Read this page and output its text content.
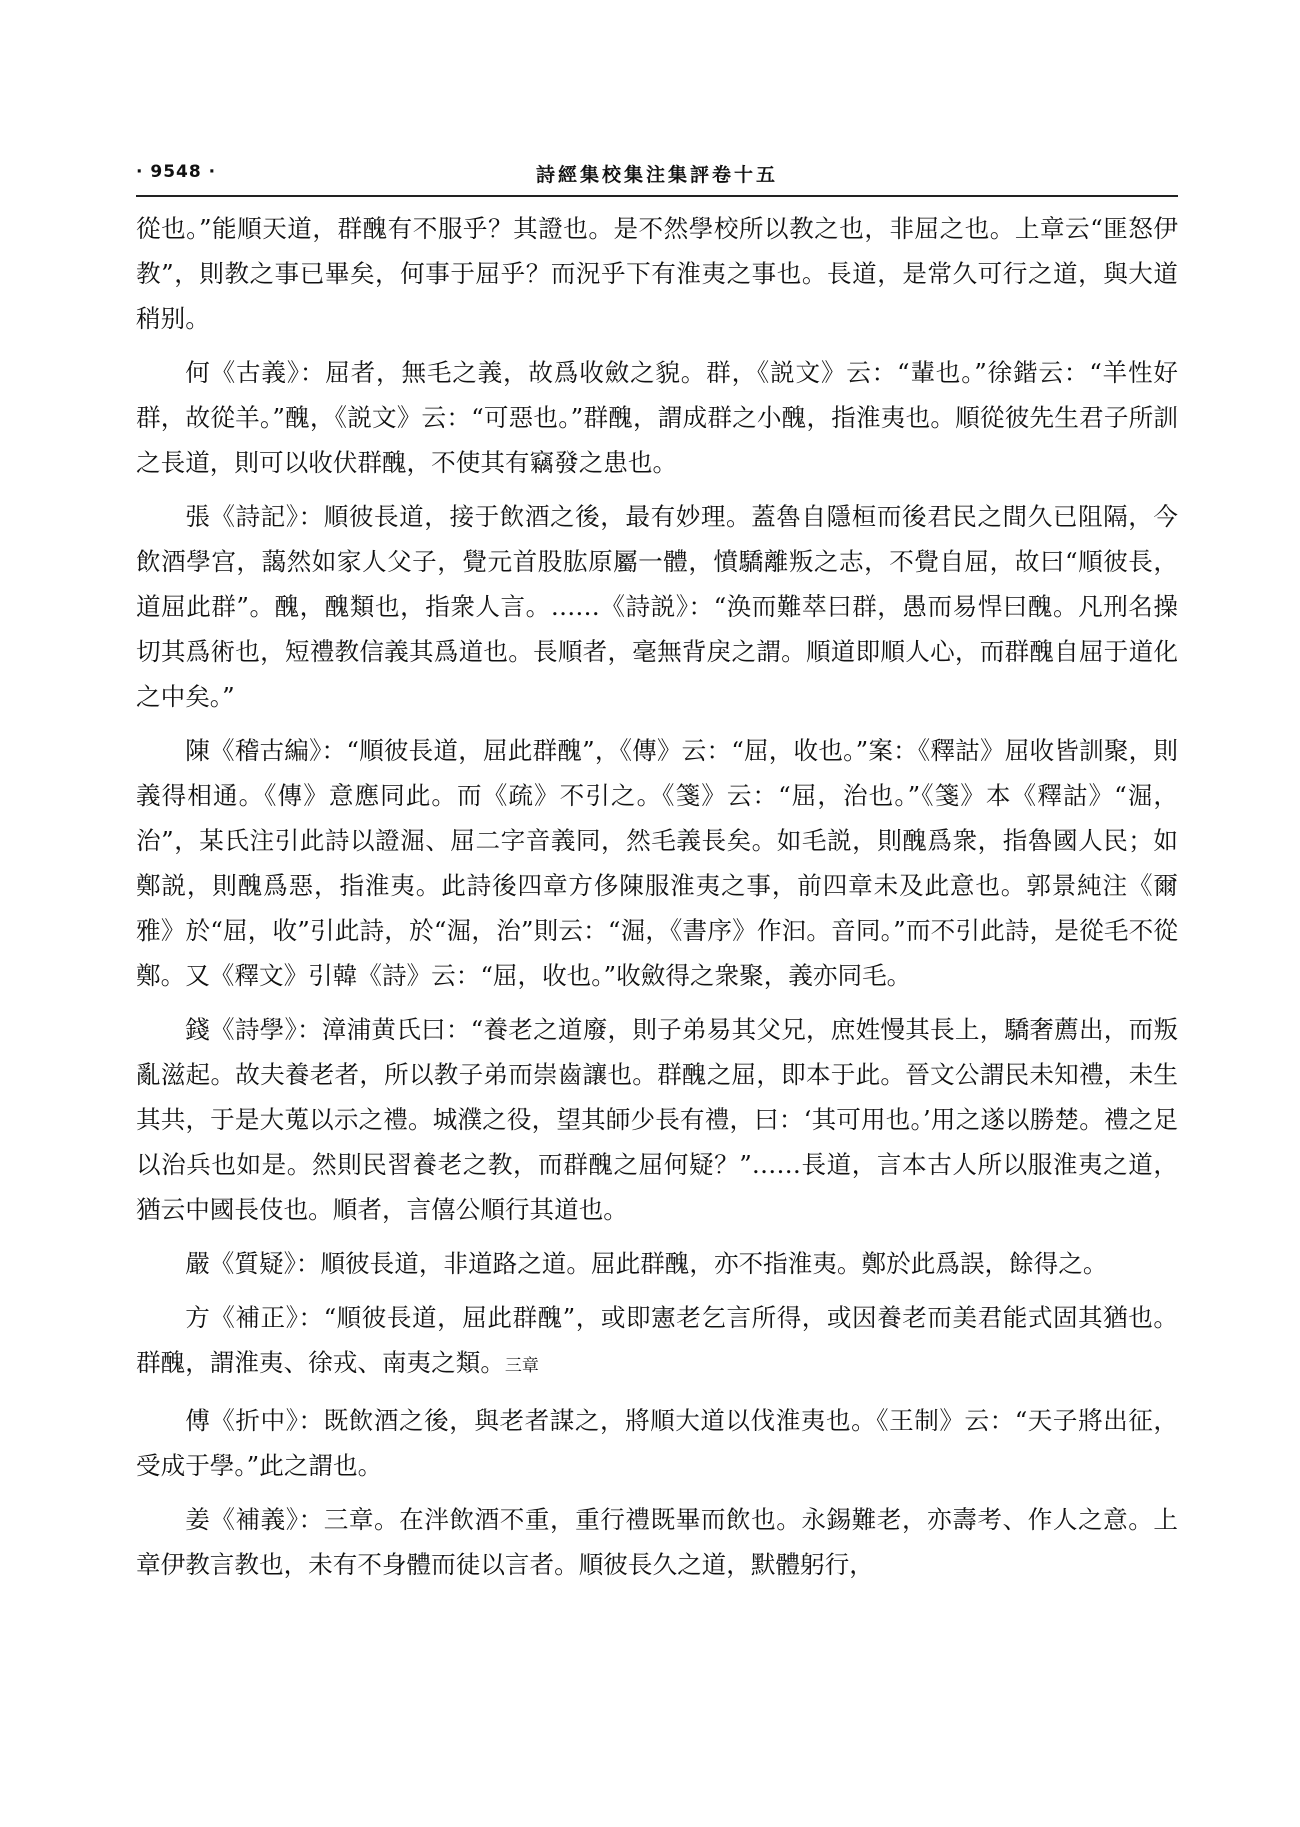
· 9548 ·	詩經集校集注集評卷十五

從也。”能順天道，群醜有不服乎？其證也。是不然學校所以教之也，非屈之也。上章云“匪怒伊教”，則教之事已畢矣，何事于屈乎？而況乎下有淮夷之事也。長道，是常久可行之道，與大道稍别。

何《古義》：屈者，無毛之義，故爲收斂之貌。群，《説文》云：“輩也。”徐鍇云：“羊性好群，故從羊。”醜，《説文》云：“可惡也。”群醜，謂成群之小醜，指淮夷也。順從彼先生君子所訓之長道，則可以收伏群醜，不使其有竊發之患也。

張《詩記》：順彼長道，接于飲酒之後，最有妙理。蓋魯自隱桓而後君民之間久已阻隔，今飲酒學宫，藹然如家人父子，覺元首股肱原屬一體，憤驕離叛之志，不覺自屈，故曰“順彼長，道屈此群”。醜，醜類也，指衆人言。……《詩説》：“涣而難萃曰群，愚而易悍曰醜。凡刑名操切其爲術也，短禮教信義其爲道也。長順者，毫無背戾之謂。順道即順人心，而群醜自屈于道化之中矣。”

陳《稽古編》：“順彼長道，屈此群醜”，《傳》云：“屈，收也。”案：《釋詁》屈收皆訓聚，則義得相通。《傳》意應同此。而《疏》不引之。《箋》云：“屈，治也。”《箋》本《釋詁》“淈，治”，某氏注引此詩以證淈、屈二字音義同，然毛義長矣。如毛説，則醜爲衆，指魯國人民；如鄭説，則醜爲惡，指淮夷。此詩後四章方侈陳服淮夷之事，前四章未及此意也。郭景純注《爾雅》於“屈，收”引此詩，於“淈，治”則云：“淈，《書序》作汩。音同。”而不引此詩，是從毛不從鄭。又《釋文》引韓《詩》云：“屈，收也。”收斂得之衆聚，義亦同毛。

錢《詩學》：漳浦黄氏曰：“養老之道廢，則子弟易其父兄，庶姓慢其長上，驕奢薦出，而叛亂滋起。故夫養老者，所以教子弟而崇齒讓也。群醜之屈，即本于此。晉文公謂民未知禮，未生其共，于是大蒐以示之禮。城濮之役，望其師少長有禮，曰：‘其可用也。’用之遂以勝楚。禮之足以治兵也如是。然則民習養老之教，而群醜之屈何疑？”……長道，言本古人所以服淮夷之道，猶云中國長伎也。順者，言僖公順行其道也。

嚴《質疑》：順彼長道，非道路之道。屈此群醜，亦不指淮夷。鄭於此爲誤，餘得之。

方《補正》：“順彼長道，屈此群醜”，或即憲老乞言所得，或因養老而美君能式固其猶也。群醜，謂淮夷、徐戎、南夷之類。三章

傅《折中》：既飲酒之後，與老者謀之，將順大道以伐淮夷也。《王制》云：“天子將出征，受成于學。”此之謂也。

姜《補義》：三章。在泮飲酒不重，重行禮既畢而飲也。永錫難老，亦壽考、作人之意。上章伊教言教也，未有不身體而徒以言者。順彼長久之道，默體躬行，
